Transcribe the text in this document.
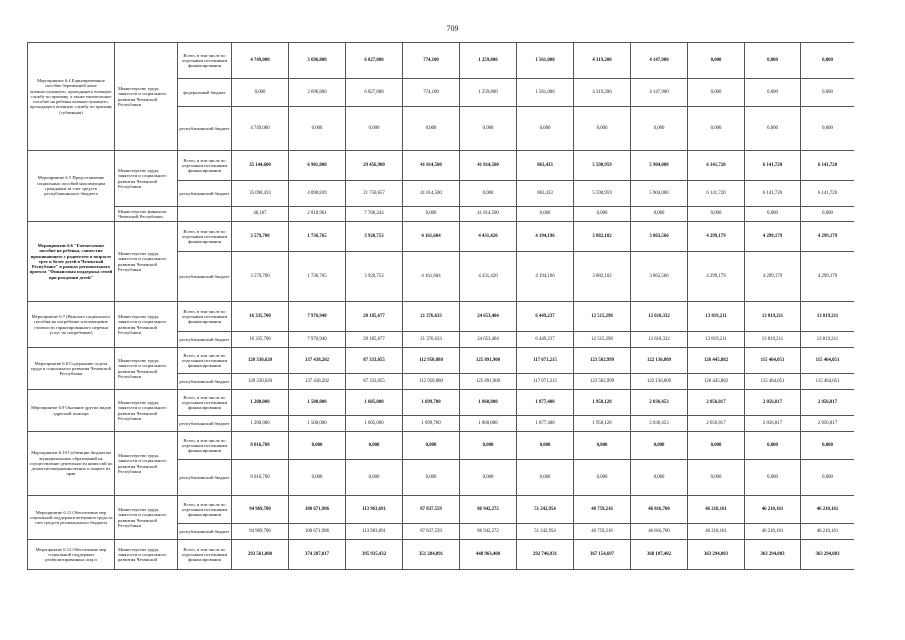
709
Мероприятие 6.4 Единовременное пособие беременной жене военнослужащего, проходящего военную службу по призыву, а также ежемесячное пособие на ребенка военнослужащего, проходящего военную службу по призыву (субвенция)	Министерство труда, занятости и социального развития Чеченской Республики	Всего, в том числе по отдельным источникам финансирования	4 749,000	3 696,800	6 827,800	774,100	1 259,800	1 561,000	4 319,200	4 147,900	0,000	0,000	0,000
		федеральный бюджет	0,000	3 696,800	6 827,800	774,100	1 259,800	1 561,000	4 319,200	4 147,900	0,000	0,000	0,000
		республиканский бюджет	4 749,000	0,000	0,000	0,000	0,000	0,000	0,000	0,000	0,000	0,000	0,000
Мероприятие 6.5 Предоставление социальных пособий малоимущим гражданам за счет средств республиканского бюджета	Министерство труда, занятости и социального развития Чеченской Республики	Всего, в том числе по отдельным источникам финансирования	35 144,600	6 901,800	29 456,900	41 814,500	41 814,500	863,433	5 590,959	5 904,000	6 141,720	6 141,720	6 141,720
		республиканский бюджет	35 098,433	4 090,839	21 750,657	41 814,500	0,000	863,433	5 590,959	5 904,000	6 141,720	6 141,720	6 141,720
	Министерство финансов Чеченской Республики		46,167	2 810,961	7 706,243	0,000	41 814,500	0,000	0,000	0,000	0,000	0,000	0,000
Мероприятие 6.6 "Ежемесячное пособие на ребенка, совместно проживающего с родителем в возрасте трех и более детей в Чеченской Республике" в рамках регионального проекта "Финансовая поддержка семей при рождении детей"	Министерство труда, занятости и социального развития Чеченской Республики	Всего, в том числе по отдельным источникам финансирования	3 579,700	1 736,765	3 920,753	4 161,604	4 431,420	4 194,196	3 882,102	3 863,566	4 299,179	4 299,179	4 299,179
		республиканский бюджет	3 579,700	1 736,765	3 920,753	4 161,604	4 431,420	4 194,196	3 882,102	3 863,566	4 299,179	4 299,179	4 299,179
Мероприятие 6.7 (Выплата социального пособия на погребение и возмещение стоимости гарантированного перечня услуг по погребению)	Министерство труда, занятости и социального развития Чеченской Республики	Всего, в том числе по отдельным источникам финансирования	16 335,700	7 976,940	20 185,677	21 376,633	24 653,404	6 449,237	12 515,298	12 618,332	13 819,211	13 819,211	13 819,211
		республиканский бюджет	16 335,700	7 976,940	20 185,677	21 376,633	24 653,404	6 449,237	12 515,298	12 618,332	13 819,211	13 819,211	13 819,211
Мероприятие 6.8 Содержание отдела труда и социального развития Чеченской Республики	Министерство труда, занятости и социального развития Чеченской Республики	Всего, в том числе по отдельным источникам финансирования	120 330,620	137 438,202	87 333,055	112 950,880	125 891,900	117 071,215	123 582,999	122 136,809	126 445,882	115 464,051	115 464,051
		республиканский бюджет	120 330,620	137 438,202	87 333,055	112 950,880	125 891,900	117 071,215	123 582,999	122 136,809	126 445,882	115 464,051	115 464,051
Мероприятие 6.9 Оказание других видов адресной помощи	Министерство труда, занятости и социального развития Чеченской Республики	Всего, в том числе по отдельным источникам финансирования	1 200,000	1 500,000	1 605,000	1 699,700	1 860,000	1 877,400	1 958,128	2 036,453	2 056,817	2 056,817	2 056,817
		республиканский бюджет	1 200,000	1 500,000	1 605,000	1 699,700	1 860,000	1 877,400	1 958,128	2 036,453	2 056,817	2 056,817	2 056,817
Мероприятие 6.10 Субвенции бюджетам муниципальных образований на осуществление деятельности комиссий по делам несовершеннолетних и защите их прав	Министерство труда, занятости и социального развития Чеченской Республики	Всего, в том числе по отдельным источникам финансирования	8 016,700	0,000	0,000	0,000	0,000	0,000	0,000	0,000	0,000	0,000	0,000
		республиканский бюджет	8 016,700	0,000	0,000	0,000	0,000	0,000	0,000	0,000	0,000	0,000	0,000
Мероприятие 6.11 Обеспечение мер социальной поддержки ветеранов труда за счет средств регионального бюджета	Министерство труда, занятости и социального развития Чеченской Республики	Всего, в том числе по отдельным источникам финансирования	94 969,700	100 671,986	113 963,691	87 837,559	86 942,272	51 242,954	40 759,216	46 816,700	46 210,161	46 210,161	46 210,161
		республиканский бюджет	94 969,700	100 671,986	113 963,691	87 837,559	86 942,272	51 242,954	40 759,216	46 816,700	46 210,161	46 210,161	46 210,161
Мероприятие 6.12 Обеспечение мер социальной поддержки реабилитированных лиц и	Министерство труда, занятости и социального развития Чеченской	Всего, в том числе по отдельным источникам финансирования	293 561,000	374 287,017	395 935,432	351 284,091	448 963,400	292 746,931	367 154,697	368 107,402	363 294,003	363 294,003	363 294,003
